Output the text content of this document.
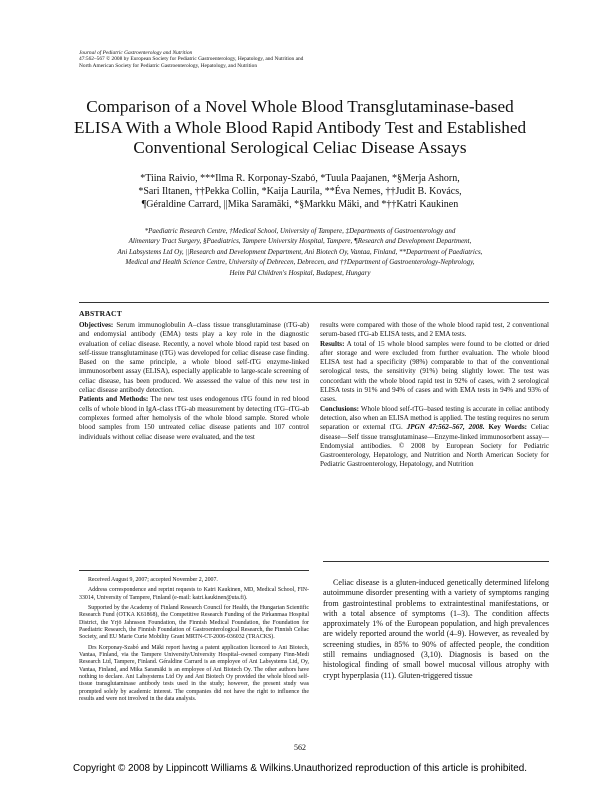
Journal of Pediatric Gastroenterology and Nutrition
47:562–567 © 2008 by European Society for Pediatric Gastroenterology, Hepatology, and Nutrition and
North American Society for Pediatric Gastroenterology, Hepatology, and Nutrition
Comparison of a Novel Whole Blood Transglutaminase-based
ELISA With a Whole Blood Rapid Antibody Test and Established
Conventional Serological Celiac Disease Assays
*Tiina Raivio, ***Ilma R. Korponay-Szabó, *Tuula Paajanen, *§Merja Ashorn,
*Sari Iltanen, ††Pekka Collin, *Kaija Laurila, **Éva Nemes, ††Judit B. Kovács,
¶Géraldine Carrard, ||Mika Saramäki, *§Markku Mäki, and *††Katri Kaukinen
*Paediatric Research Centre, †Medical School, University of Tampere, ‡Departments of Gastroenterology and
Alimentary Tract Surgery, §Paediatrics, Tampere University Hospital, Tampere, ¶Research and Development Department,
Ani Labsystems Ltd Oy, ||Research and Development Department, Ani Biotech Oy, Vantaa, Finland, **Department of Paediatrics,
Medical and Health Science Centre, University of Debrecen, Debrecen, and ††Department of Gastroenterology-Nephrology,
Heim Pál Children's Hospital, Budapest, Hungary
ABSTRACT
Objectives: Serum immunoglobulin A–class tissue transglutaminase (tTG-ab) and endomysial antibody (EMA) tests play a key role in the diagnostic evaluation of celiac disease. Recently, a novel whole blood rapid test based on self-tissue transglutaminase (tTG) was developed for celiac disease case finding. Based on the same principle, a whole blood self-tTG enzyme-linked immunosorbent assay (ELISA), especially applicable to large-scale screening of celiac disease, has been produced. We assessed the value of this new test in celiac disease antibody detection.
Patients and Methods: The new test uses endogenous tTG found in red blood cells of whole blood in IgA-class tTG-ab measurement by detecting tTG–tTG-ab complexes formed after hemolysis of the whole blood sample. Stored whole blood samples from 150 untreated celiac disease patients and 107 control individuals without celiac disease were evaluated, and the test
results were compared with those of the whole blood rapid test, 2 conventional serum-based tTG-ab ELISA tests, and 2 EMA tests.
Results: A total of 15 whole blood samples were found to be clotted or dried after storage and were excluded from further evaluation. The whole blood ELISA test had a specificity (98%) comparable to that of the conventional serological tests, the sensitivity (91%) being slightly lower. The test was concordant with the whole blood rapid test in 92% of cases, with 2 serological ELISA tests in 91% and 94% of cases and with EMA tests in 94% and 93% of cases.
Conclusions: Whole blood self-tTG–based testing is accurate in celiac antibody detection, also when an ELISA method is applied. The testing requires no serum separation or external tTG. JPGN 47:562–567, 2008. Key Words: Celiac disease—Self tissue transglutaminase—Enzyme-linked immunosorbent assay—Endomysial antibodies. © 2008 by European Society for Pediatric Gastroenterology, Hepatology, and Nutrition and North American Society for Pediatric Gastroenterology, Hepatology, and Nutrition

Received August 9, 2007; accepted November 2, 2007.

Address correspondence and reprint requests to Katri Kaukinen, MD, Medical School, FIN-33014, University of Tampere, Finland (e-mail: katri.kaukinen@uta.fi).

Supported by the Academy of Finland Research Council for Health, the Hungarian Scientific Research Fund (OTKA K61868), the Competitive Research Funding of the Pirkanmaa Hospital District, the Yrjö Jahnsson Foundation, the Finnish Medical Foundation, the Foundation for Paediatric Research, the Finnish Foundation of Gastroenterological Research, the Finnish Celiac Society, and EU Marie Curie Mobility Grant MRTN-CT-2006-036032 (TRACKS).

Drs Korponay-Szabó and Mäki report having a patent application licenced to Ani Biotech, Vantaa, Finland, via the Tampere University/University Hospital–owned company Finn-Medi Research Ltd, Tampere, Finland. Géraldine Carrard is an employee of Ani Labsystems Ltd, Oy, Vantaa, Finland, and Mika Saramäki is an employee of Ani Biotech Oy. The other authors have nothing to declare. Ani Labsystems Ltd Oy and Ani Biotech Oy provided the whole blood self-tissue transglutaminase antibody tests used in the study; however, the present study was prompted solely by academic interest. The companies did not have the right to influence the results and were not involved in the data analysis.

Celiac disease is a gluten-induced genetically determined lifelong autoimmune disorder presenting with a variety of symptoms ranging from gastrointestinal problems to extraintestinal manifestations, or with a total absence of symptoms (1–3). The condition affects approximately 1% of the European population, and high prevalences are widely reported around the world (4–9). However, as revealed by screening studies, in 85% to 90% of affected people, the condition still remains undiagnosed (3,10). Diagnosis is based on the histological finding of small bowel mucosal villous atrophy with crypt hyperplasia (11). Gluten-triggered tissue
562
Copyright © 2008 by Lippincott Williams & Wilkins.Unauthorized reproduction of this article is prohibited.
